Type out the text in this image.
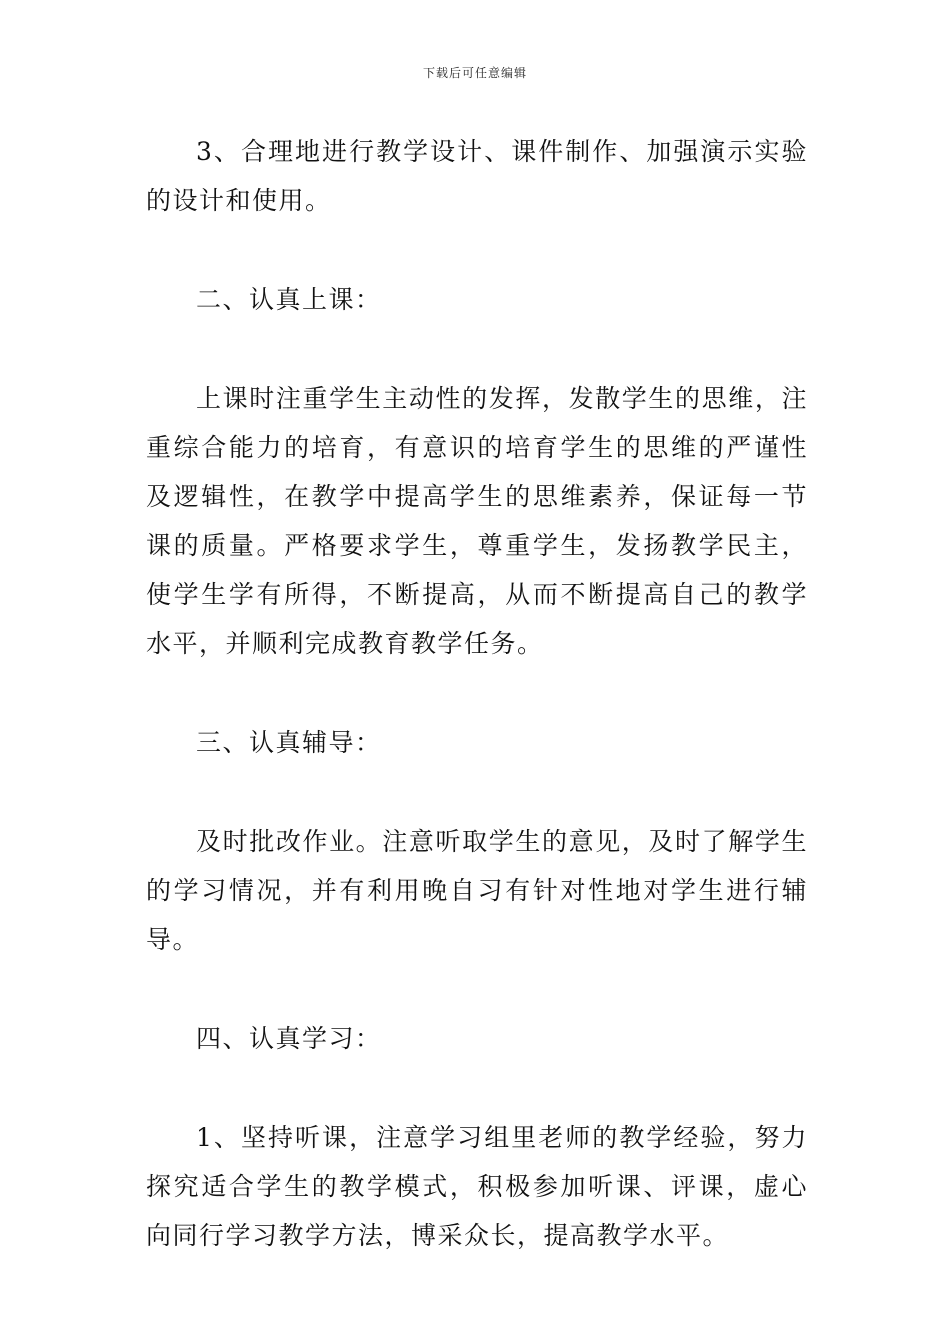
下载后可任意编辑

3、合理地进行教学设计、课件制作、加强演示实验的设计和使用。

二、认真上课：

上课时注重学生主动性的发挥，发散学生的思维，注重综合能力的培育，有意识的培育学生的思维的严谨性及逻辑性，在教学中提高学生的思维素养，保证每一节课的质量。严格要求学生，尊重学生，发扬教学民主，使学生学有所得，不断提高，从而不断提高自己的教学水平，并顺利完成教育教学任务。

三、认真辅导：

及时批改作业。注意听取学生的意见，及时了解学生的学习情况，并有利用晚自习有针对性地对学生进行辅导。

四、认真学习：

1、坚持听课，注意学习组里老师的教学经验，努力探究适合学生的教学模式，积极参加听课、评课，虚心向同行学习教学方法，博采众长，提高教学水平。
